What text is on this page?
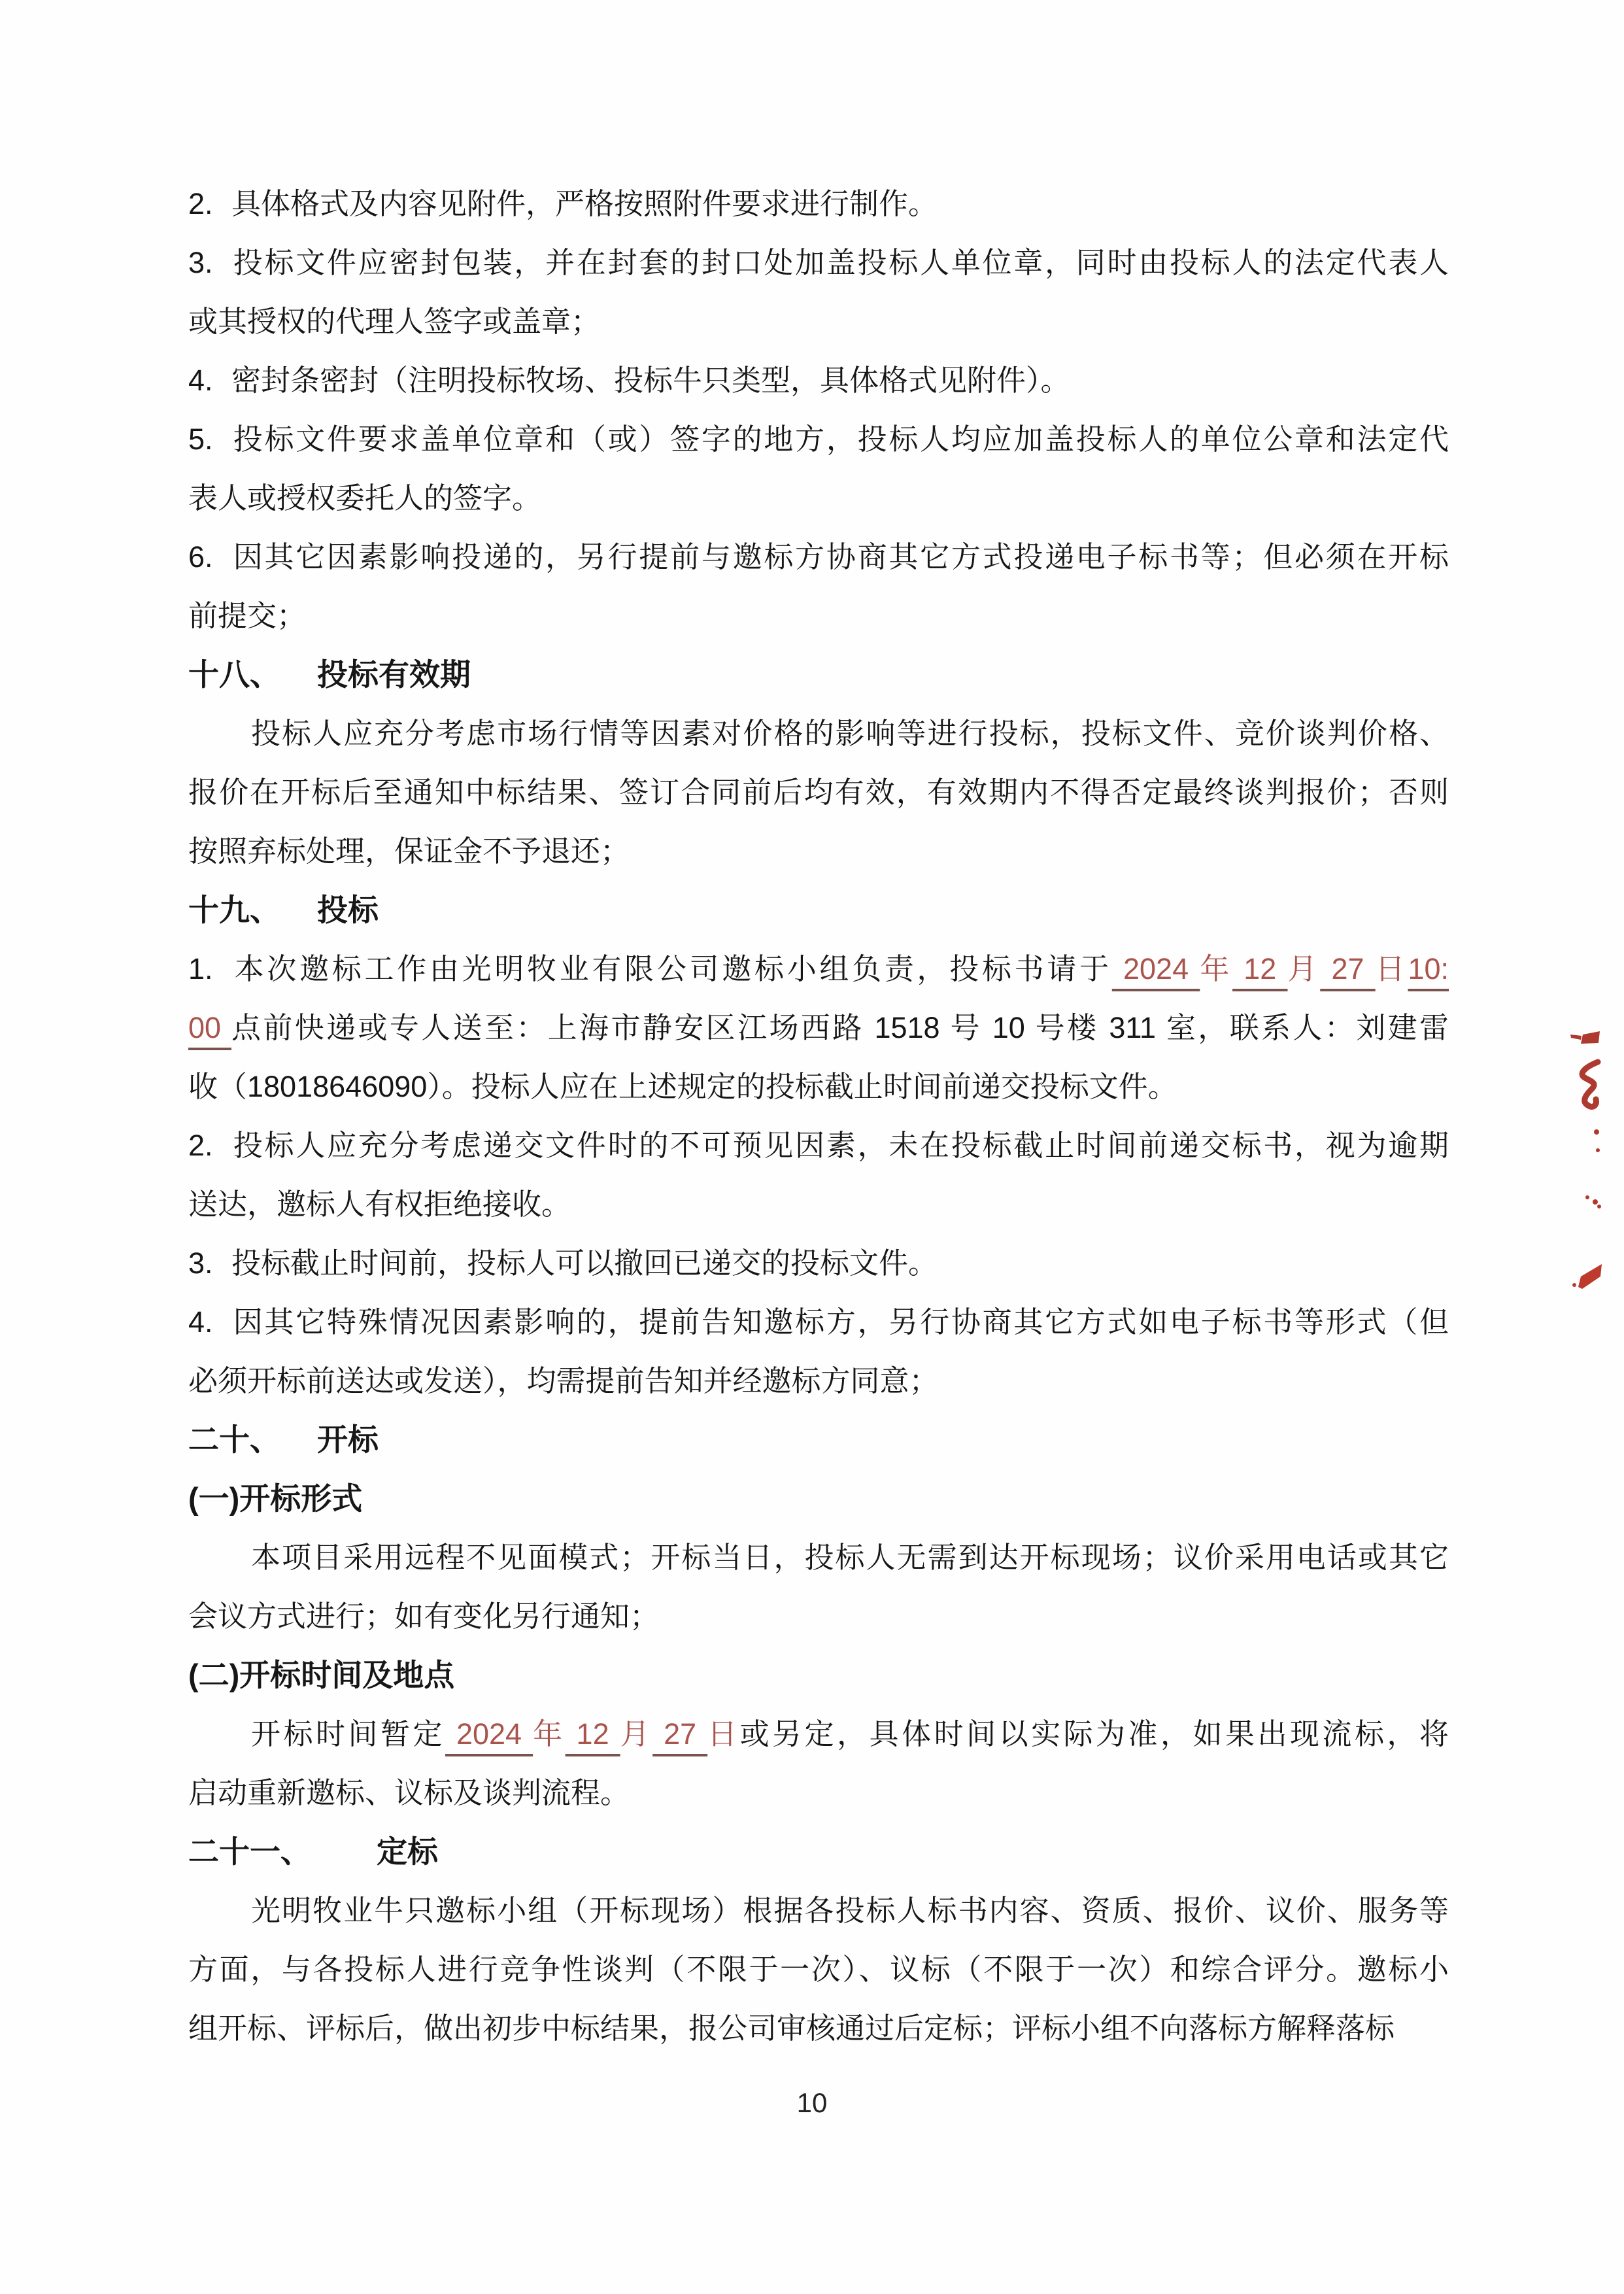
2. 具体格式及内容见附件，严格按照附件要求进行制作。
3. 投标文件应密封包装，并在封套的封口处加盖投标人单位章，同时由投标人的法定代表人
或其授权的代理人签字或盖章；
4. 密封条密封（注明投标牧场、投标牛只类型，具体格式见附件）。
5. 投标文件要求盖单位章和（或）签字的地方，投标人均应加盖投标人的单位公章和法定代
表人或授权委托人的签字。
6. 因其它因素影响投递的，另行提前与邀标方协商其它方式投递电子标书等；但必须在开标
前提交；
十八、 投标有效期
投标人应充分考虑市场行情等因素对价格的影响等进行投标，投标文件、竞价谈判价格、
报价在开标后至通知中标结果、签订合同前后均有效，有效期内不得否定最终谈判报价；否则
按照弃标处理，保证金不予退还；
十九、 投标
1. 本次邀标工作由光明牧业有限公司邀标小组负责，投标书请于 2024 年 12 月 27 日10:
00 点前快递或专人送至：上海市静安区江场西路 1518 号 10 号楼 311 室，联系人：刘建雷
收（18018646090）。投标人应在上述规定的投标截止时间前递交投标文件。
2. 投标人应充分考虑递交文件时的不可预见因素，未在投标截止时间前递交标书，视为逾期
送达，邀标人有权拒绝接收。
3. 投标截止时间前，投标人可以撤回已递交的投标文件。
4. 因其它特殊情况因素影响的，提前告知邀标方，另行协商其它方式如电子标书等形式（但
必须开标前送达或发送），均需提前告知并经邀标方同意；
二十、 开标
(一)开标形式
本项目采用远程不见面模式；开标当日，投标人无需到达开标现场；议价采用电话或其它
会议方式进行；如有变化另行通知；
(二)开标时间及地点
开标时间暂定 2024 年 12 月 27 日或另定，具体时间以实际为准，如果出现流标，将
启动重新邀标、议标及谈判流程。
二十一、 定标
光明牧业牛只邀标小组（开标现场）根据各投标人标书内容、资质、报价、议价、服务等
方面，与各投标人进行竞争性谈判（不限于一次）、议标（不限于一次）和综合评分。邀标小
组开标、评标后，做出初步中标结果，报公司审核通过后定标；评标小组不向落标方解释落标
10
